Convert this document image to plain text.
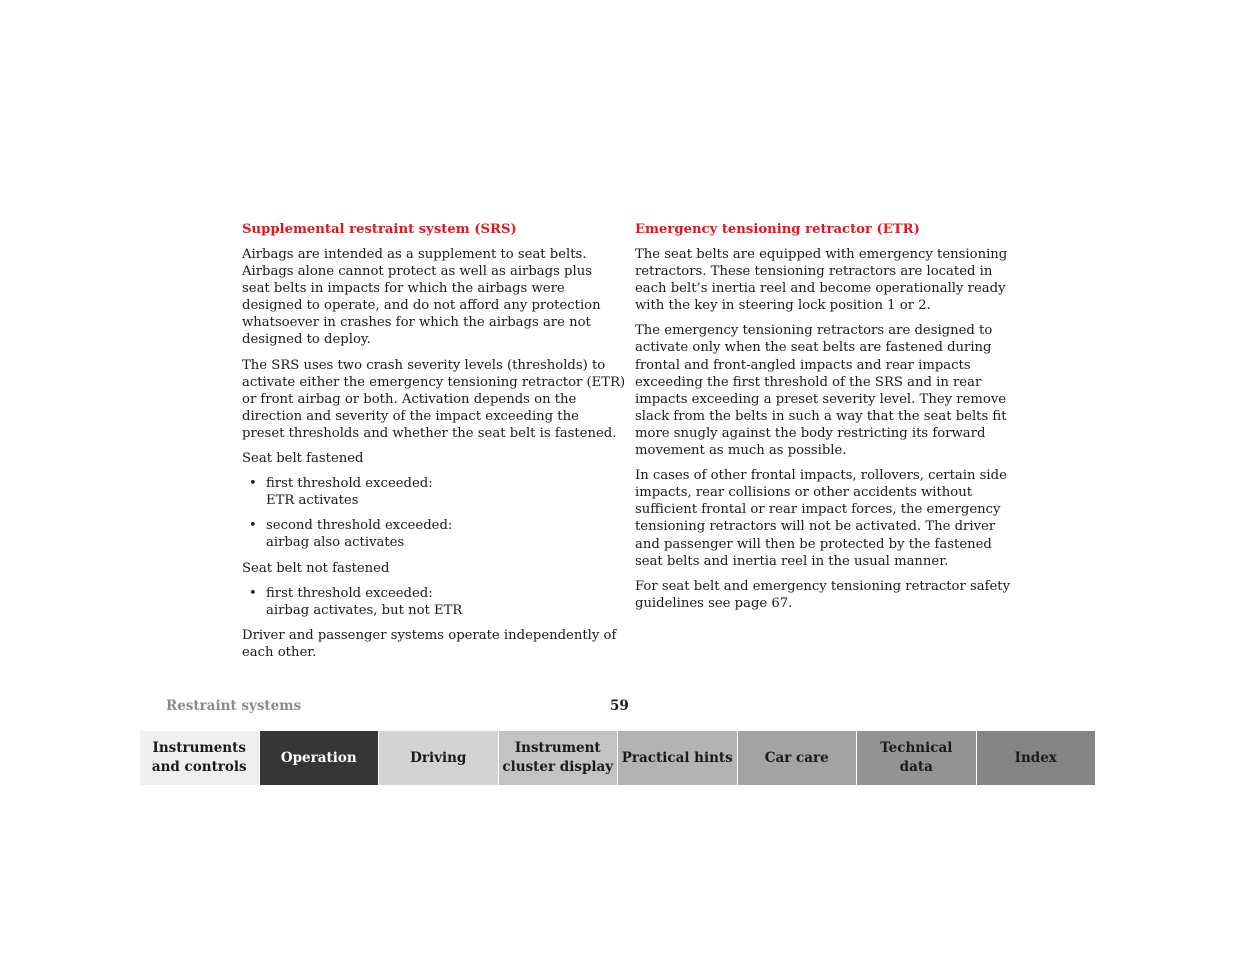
Supplemental restraint system (SRS)
Airbags are intended as a supplement to seat belts.
Airbags alone cannot protect as well as airbags plus
seat belts in impacts for which the airbags were
designed to operate, and do not afford any protection
whatsoever in crashes for which the airbags are not
designed to deploy.
The SRS uses two crash severity levels (thresholds) to
activate either the emergency tensioning retractor (ETR)
or front airbag or both. Activation depends on the
direction and severity of the impact exceeding the
preset thresholds and whether the seat belt is fastened.
Seat belt fastened
• first threshold exceeded:
ETR activates
• second threshold exceeded:
airbag also activates
Seat belt not fastened
• first threshold exceeded:
airbag activates, but not ETR
Driver and passenger systems operate independently of
each other.
Emergency tensioning retractor (ETR)
The seat belts are equipped with emergency tensioning
retractors. These tensioning retractors are located in
each belt’s inertia reel and become operationally ready
with the key in steering lock position 1 or 2.
The emergency tensioning retractors are designed to
activate only when the seat belts are fastened during
frontal and front-angled impacts and rear impacts
exceeding the first threshold of the SRS and in rear
impacts exceeding a preset severity level. They remove
slack from the belts in such a way that the seat belts fit
more snugly against the body restricting its forward
movement as much as possible.
In cases of other frontal impacts, rollovers, certain side
impacts, rear collisions or other accidents without
sufficient frontal or rear impact forces, the emergency
tensioning retractors will not be activated. The driver
and passenger will then be protected by the fastened
seat belts and inertia reel in the usual manner.
For seat belt and emergency tensioning retractor safety
guidelines see page 67.
Restraint systems	59
Instruments
and controls
Operation	Driving
Instrument
cluster display
Practical hints Car care
Technical
data
Index
